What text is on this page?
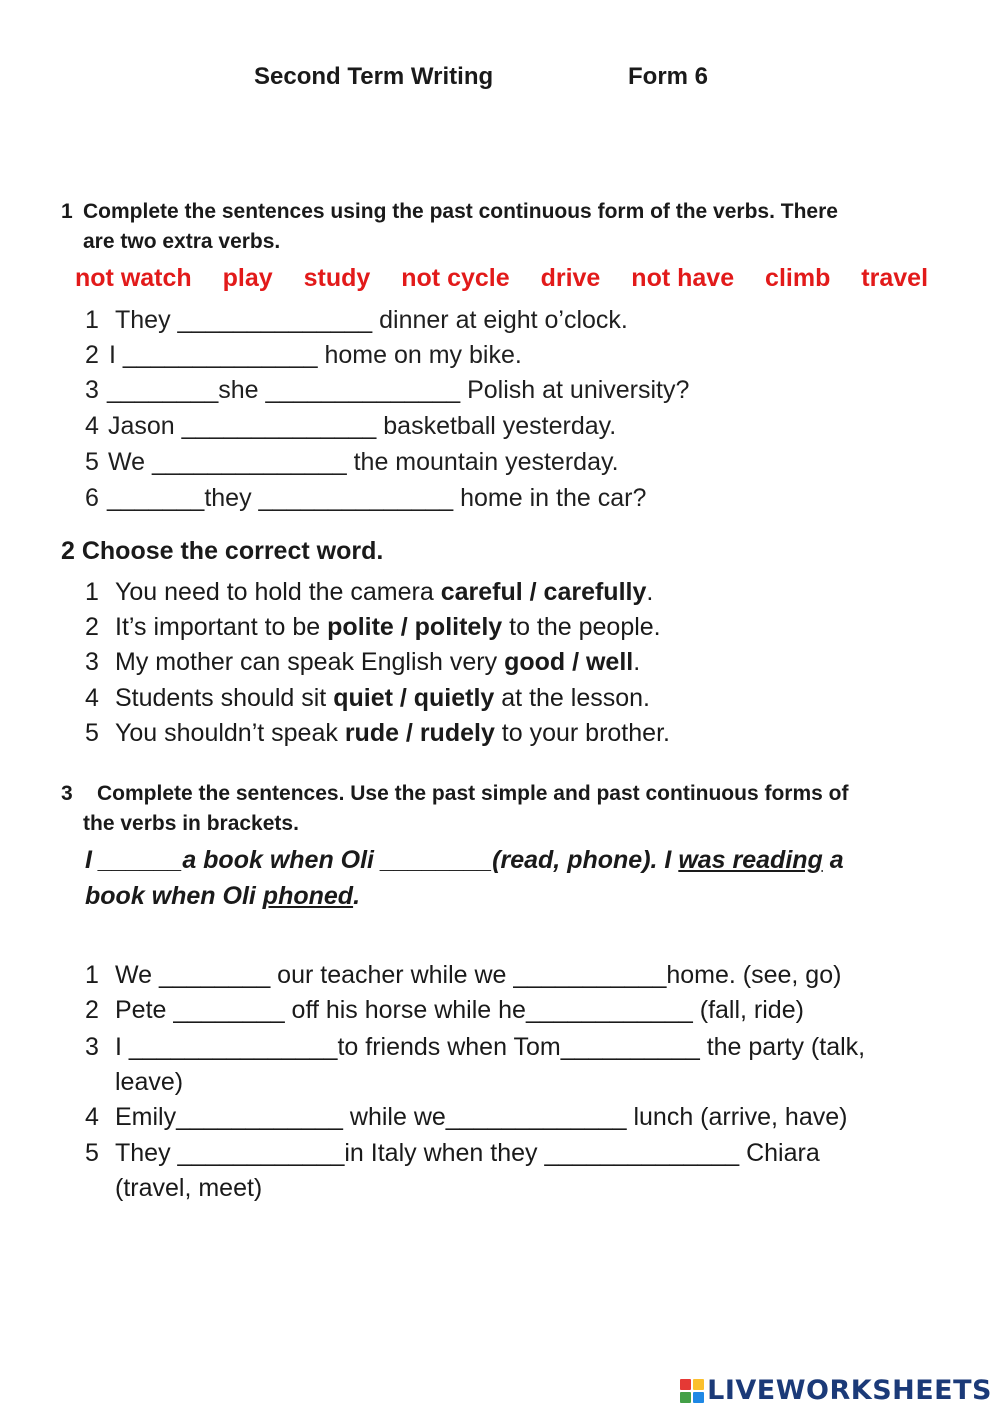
Second Term Writing	Form 6
1 Complete the sentences using the past continuous form of the verbs. There
are two extra verbs.
not watch play study not cycle drive not have climb travel
1 They ______________ dinner at eight o’clock.
2 I ______________ home on my bike.
3 ________she ______________ Polish at university?
4 Jason ______________ basketball yesterday.
5 We ______________ the mountain yesterday.
6 _______they ______________ home in the car?
2 Choose the correct word.
1 You need to hold the camera careful / carefully.
2 It’s important to be polite / politely to the people.
3 My mother can speak English very good / well.
4 Students should sit quiet / quietly at the lesson.
5 You shouldn’t speak rude / rudely to your brother.
3 Complete the sentences. Use the past simple and past continuous forms of
the verbs in brackets.
I ______a book when Oli ________(read, phone). I was reading a
book when Oli phoned.
1 We ________ our teacher while we ___________home. (see, go)
2 Pete ________ off his horse while he____________ (fall, ride)
3 I _______________to friends when Tom__________ the party (talk,
leave)
4 Emily____________ while we_____________ lunch (arrive, have)
5 They ____________in Italy when they ______________ Chiara
(travel, meet)
LIVEWORKSHEETS
